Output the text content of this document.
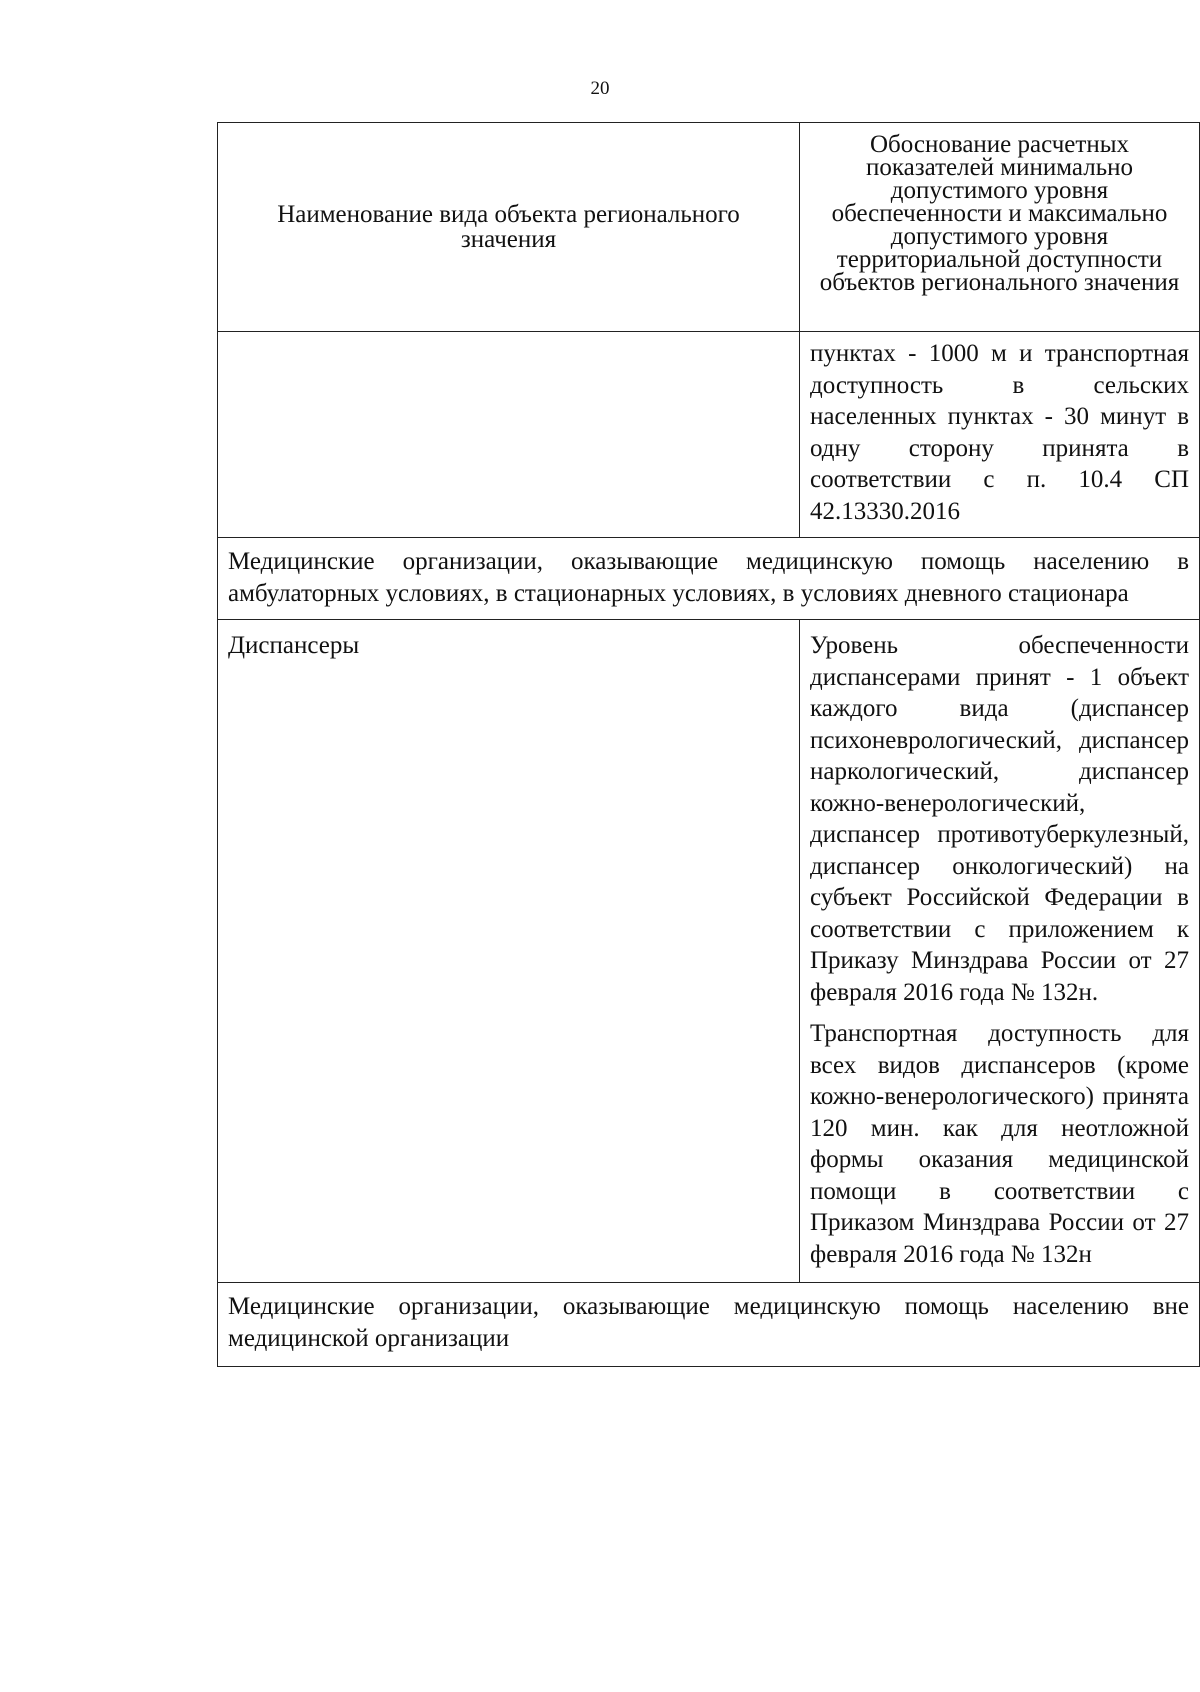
20
Наименование вида объекта регионального значения	Обоснование расчетных показателей минимально допустимого уровня обеспеченности и максимально допустимого уровня территориальной доступности объектов регионального значения
	пунктах - 1000 м и транспортная доступность в сельских населенных пунктах - 30 минут в одну сторону принята в соответствии с п. 10.4 СП 42.13330.2016
Медицинские организации, оказывающие медицинскую помощь населению в амбулаторных условиях, в стационарных условиях, в условиях дневного стационара	
Диспансеры	Уровень обеспеченности диспансерами принят - 1 объект каждого вида (диспансер психоневрологический, диспансер наркологический, диспансер кожно-венерологический, диспансер противотуберкулезный, диспансер онкологический) на субъект Российской Федерации в соответствии с приложением к Приказу Минздрава России от 27 февраля 2016 года № 132н.

Транспортная доступность для всех видов диспансеров (кроме кожно-венерологического) принята 120 мин. как для неотложной формы оказания медицинской помощи в соответствии с Приказом Минздрава России от 27 февраля 2016 года № 132н

Медицинские организации, оказывающие медицинскую помощь населению вне медицинской организации	
